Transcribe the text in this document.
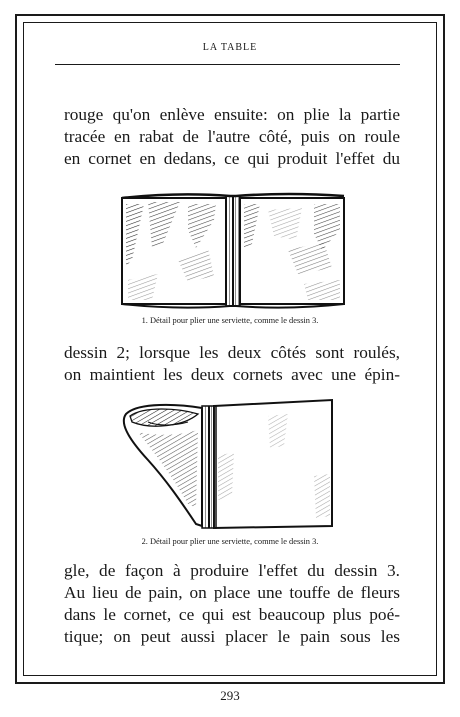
LA TABLE
rouge qu'on enlève ensuite: on plie la partie
tracée en rabat de l'autre côté, puis on roule
en cornet en dedans, ce qui produit l'effet du
1. Détail pour plier une serviette, comme le dessin 3.
dessin 2; lorsque les deux côtés sont roulés,
on maintient les deux cornets avec une épin-
2. Détail pour plier une serviette, comme le dessin 3.
gle, de façon à produire l'effet du dessin 3.
Au lieu de pain, on place une touffe de fleurs
dans le cornet, ce qui est beaucoup plus poé-
tique; on peut aussi placer le pain sous les
293
